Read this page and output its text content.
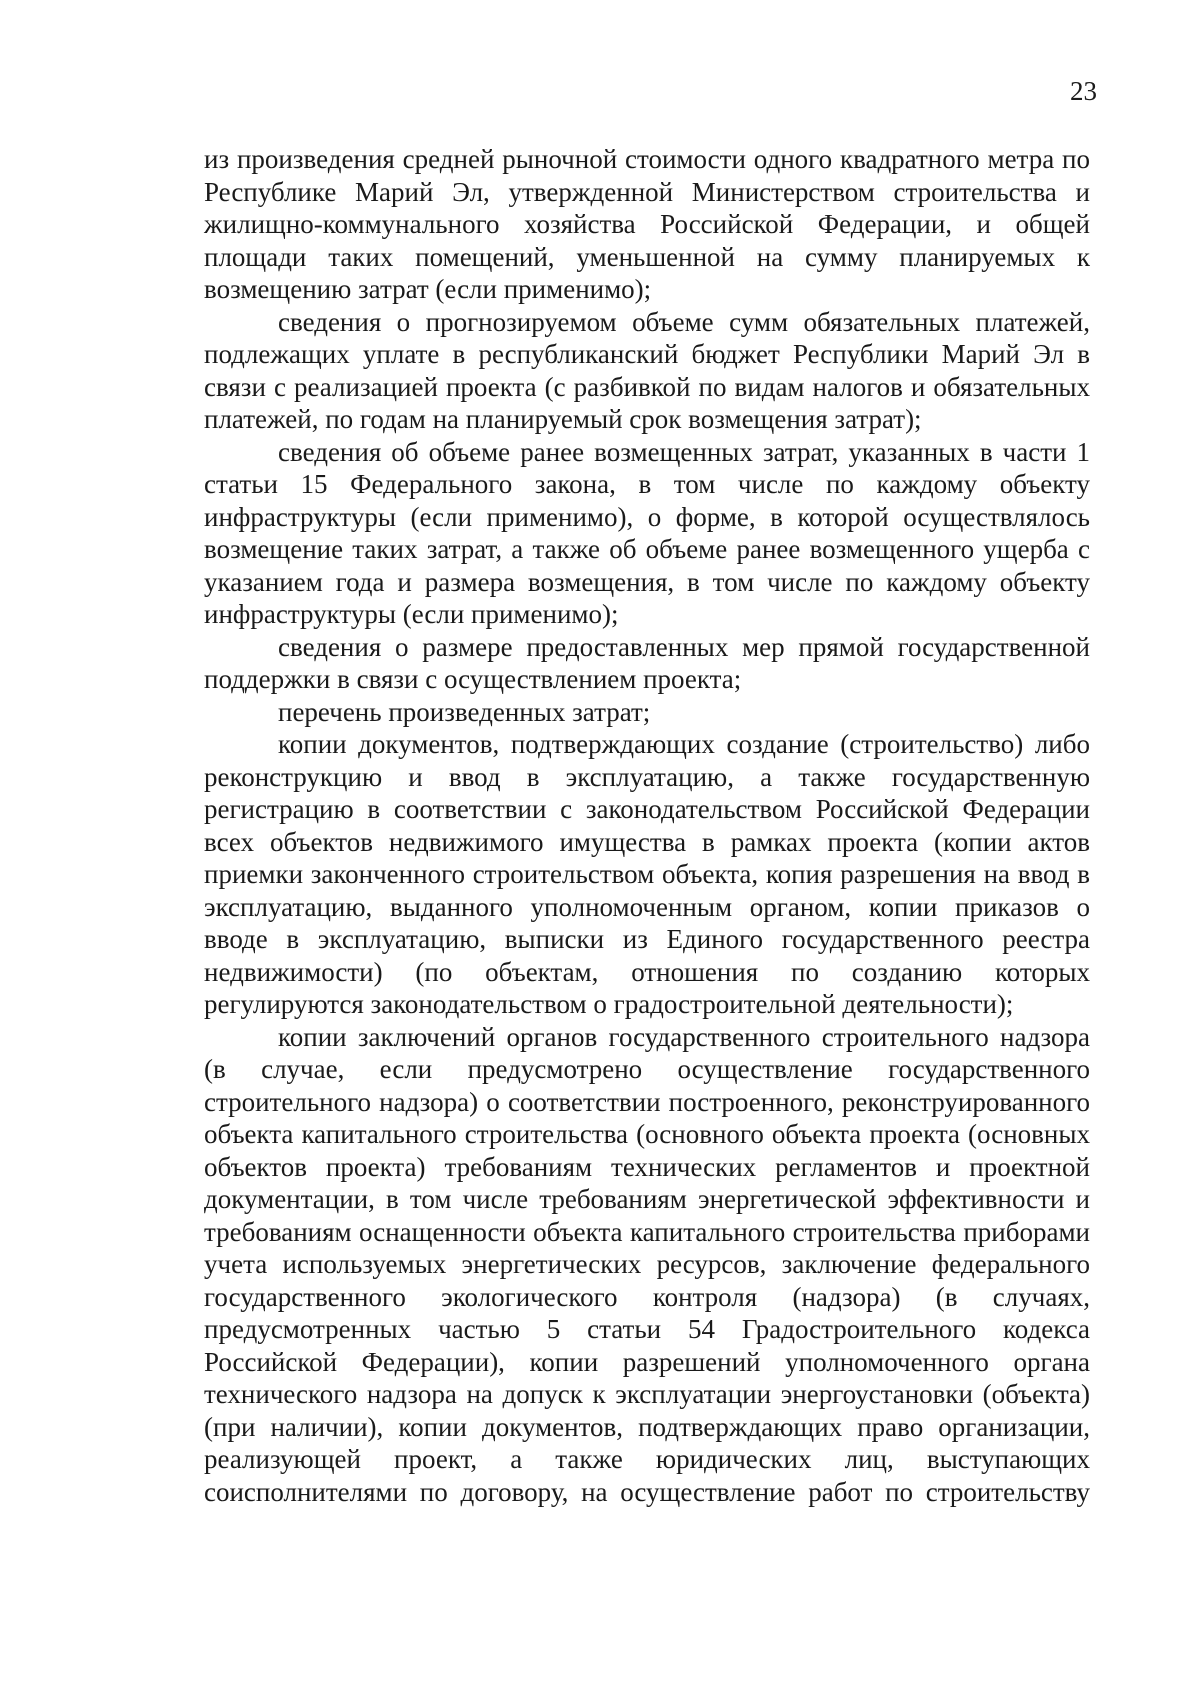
23

из произведения средней рыночной стоимости одного квадратного метра по Республике Марий Эл, утвержденной Министерством строительства и жилищно-коммунального хозяйства Российской Федерации, и общей площади таких помещений, уменьшенной на сумму планируемых к возмещению затрат (если применимо);

сведения о прогнозируемом объеме сумм обязательных платежей, подлежащих уплате в республиканский бюджет Республики Марий Эл в связи с реализацией проекта (с разбивкой по видам налогов и обязательных платежей, по годам на планируемый срок возмещения затрат);

сведения об объеме ранее возмещенных затрат, указанных в части 1 статьи 15 Федерального закона, в том числе по каждому объекту инфраструктуры (если применимо), о форме, в которой осуществлялось возмещение таких затрат, а также об объеме ранее возмещенного ущерба с указанием года и размера возмещения, в том числе по каждому объекту инфраструктуры (если применимо);

сведения о размере предоставленных мер прямой государственной поддержки в связи с осуществлением проекта;

перечень произведенных затрат;

копии документов, подтверждающих создание (строительство) либо реконструкцию и ввод в эксплуатацию, а также государственную регистрацию в соответствии с законодательством Российской Федерации всех объектов недвижимого имущества в рамках проекта (копии актов приемки законченного строительством объекта, копия разрешения на ввод в эксплуатацию, выданного уполномоченным органом, копии приказов о вводе в эксплуатацию, выписки из Единого государственного реестра недвижимости) (по объектам, отношения по созданию которых регулируются законодательством о градостроительной деятельности);

копии заключений органов государственного строительного надзора (в случае, если предусмотрено осуществление государственного строительного надзора) о соответствии построенного, реконструированного объекта капитального строительства (основного объекта проекта (основных объектов проекта) требованиям технических регламентов и проектной документации, в том числе требованиям энергетической эффективности и требованиям оснащенности объекта капитального строительства приборами учета используемых энергетических ресурсов, заключение федерального государственного экологического контроля (надзора) (в случаях, предусмотренных частью 5 статьи 54 Градостроительного кодекса Российской Федерации), копии разрешений уполномоченного органа технического надзора на допуск к эксплуатации энергоустановки (объекта) (при наличии), копии документов, подтверждающих право организации, реализующей проект, а также юридических лиц, выступающих соисполнителями по договору, на осуществление работ по строительству
